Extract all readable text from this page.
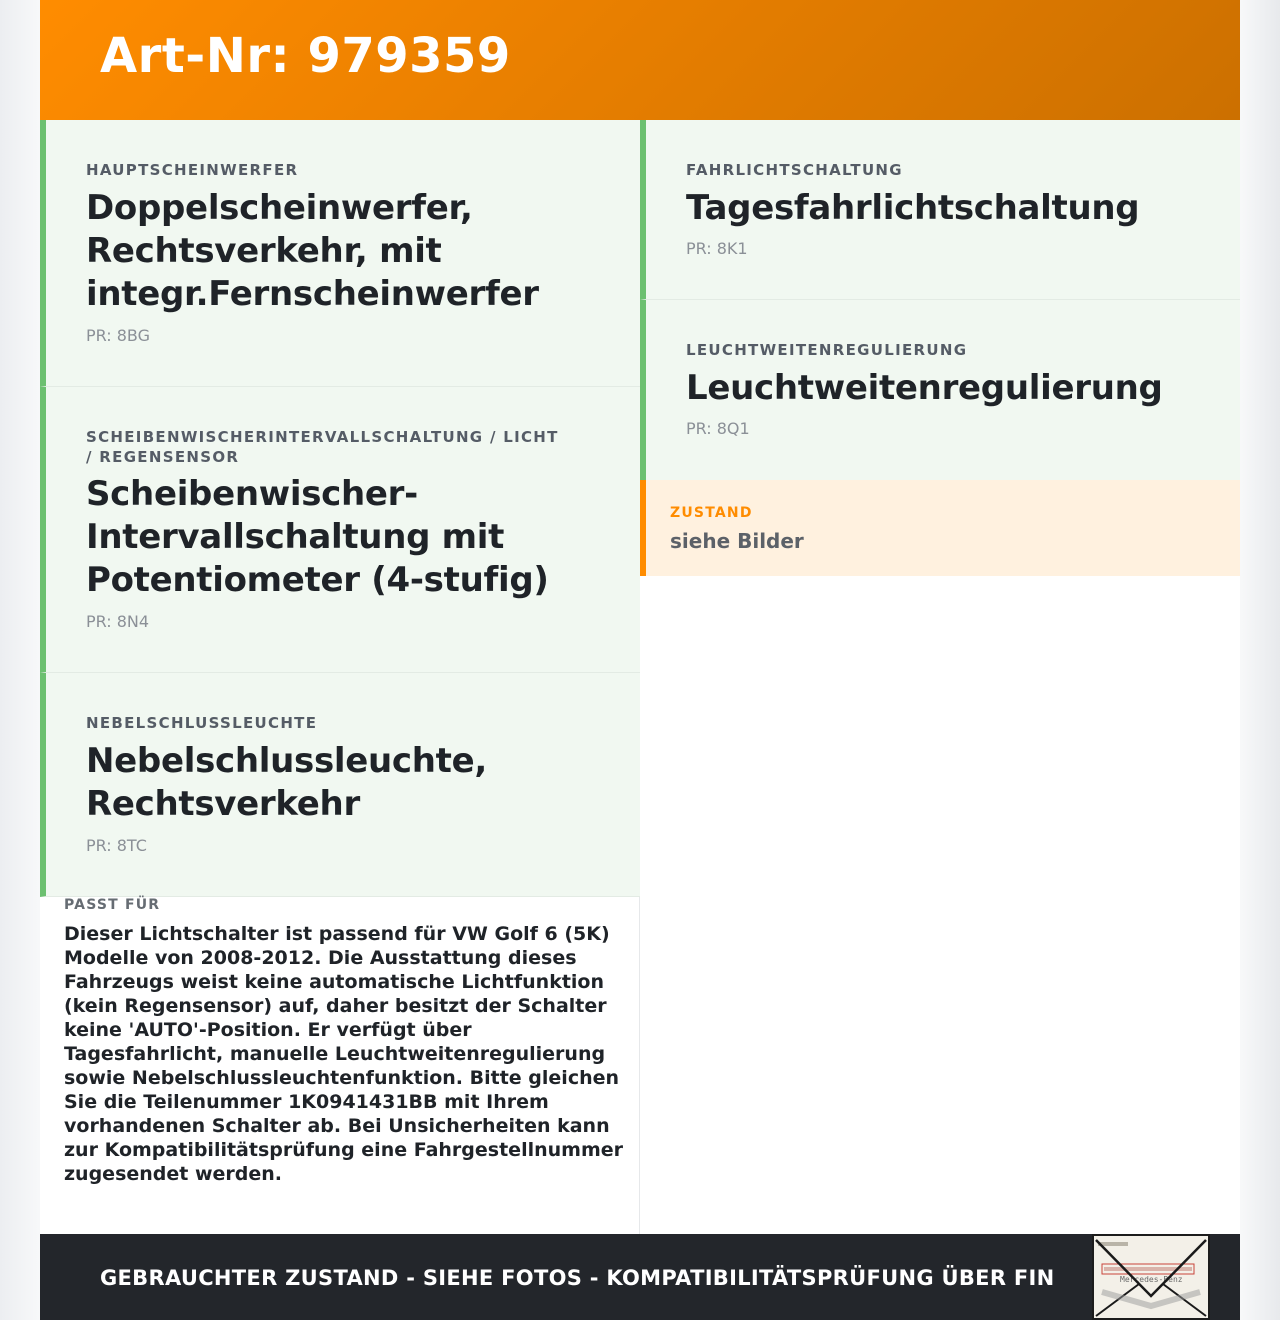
Art-Nr: 979359
HAUPTSCHEINWERFER
Doppelscheinwerfer, Rechtsverkehr, mit integr.Fernscheinwerfer
PR: 8BG
SCHEIBENWISCHERINTERVALLSCHALTUNG / LICHT / REGENSENSOR
Scheibenwischer-Intervallschaltung mit Potentiometer (4-stufig)
PR: 8N4
NEBELSCHLUSSLEUCHTE
Nebelschlussleuchte, Rechtsverkehr
PR: 8TC
PASST FÜR
Dieser Lichtschalter ist passend für VW Golf 6 (5K) Modelle von 2008-2012. Die Ausstattung dieses Fahrzeugs weist keine automatische Lichtfunktion (kein Regensensor) auf, daher besitzt der Schalter keine 'AUTO'-Position. Er verfügt über Tagesfahrlicht, manuelle Leuchtweitenregulierung sowie Nebelschlussleuchtenfunktion. Bitte gleichen Sie die Teilenummer 1K0941431BB mit Ihrem vorhandenen Schalter ab. Bei Unsicherheiten kann zur Kompatibilitätsprüfung eine Fahrgestellnummer zugesendet werden.
FAHRLICHTSCHALTUNG
Tagesfahrlichtschaltung
PR: 8K1
LEUCHTWEITENREGULIERUNG
Leuchtweitenregulierung
PR: 8Q1
ZUSTAND
siehe Bilder
GEBRAUCHTER ZUSTAND - SIEHE FOTOS - KOMPATIBILITÄTSPRÜFUNG ÜBER FIN	Mercedes-Benz
